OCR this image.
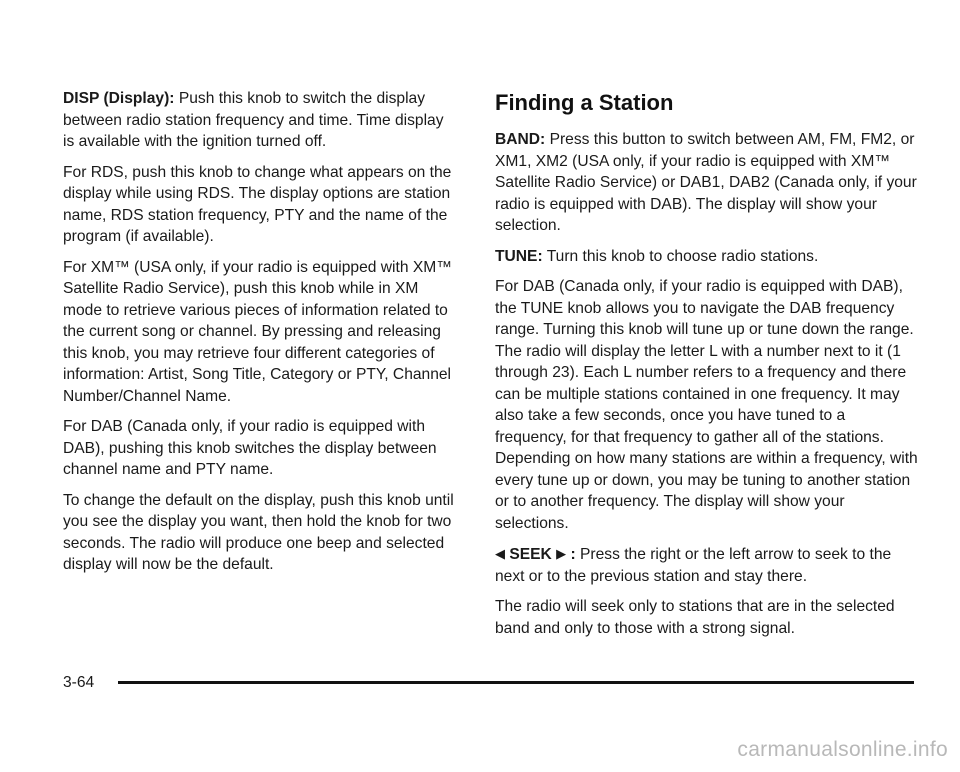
DISP (Display): Push this knob to switch the display between radio station frequency and time. Time display is available with the ignition turned off.

For RDS, push this knob to change what appears on the display while using RDS. The display options are station name, RDS station frequency, PTY and the name of the program (if available).

For XM™ (USA only, if your radio is equipped with XM™ Satellite Radio Service), push this knob while in XM mode to retrieve various pieces of information related to the current song or channel. By pressing and releasing this knob, you may retrieve four different categories of information: Artist, Song Title, Category or PTY, Channel Number/Channel Name.

For DAB (Canada only, if your radio is equipped with DAB), pushing this knob switches the display between channel name and PTY name.

To change the default on the display, push this knob until you see the display you want, then hold the knob for two seconds. The radio will produce one beep and selected display will now be the default.

Finding a Station

BAND: Press this button to switch between AM, FM, FM2, or XM1, XM2 (USA only, if your radio is equipped with XM™ Satellite Radio Service) or DAB1, DAB2 (Canada only, if your radio is equipped with DAB). The display will show your selection.

TUNE: Turn this knob to choose radio stations.

For DAB (Canada only, if your radio is equipped with DAB), the TUNE knob allows you to navigate the DAB frequency range. Turning this knob will tune up or tune down the range. The radio will display the letter L with a number next to it (1 through 23). Each L number refers to a frequency and there can be multiple stations contained in one frequency. It may also take a few seconds, once you have tuned to a frequency, for that frequency to gather all of the stations. Depending on how many stations are within a frequency, with every tune up or down, you may be tuning to another station or to another frequency. The display will show your selections.

◀ SEEK ▶ : Press the right or the left arrow to seek to the next or to the previous station and stay there.

The radio will seek only to stations that are in the selected band and only to those with a strong signal.

3-64
carmanualsonline.info
